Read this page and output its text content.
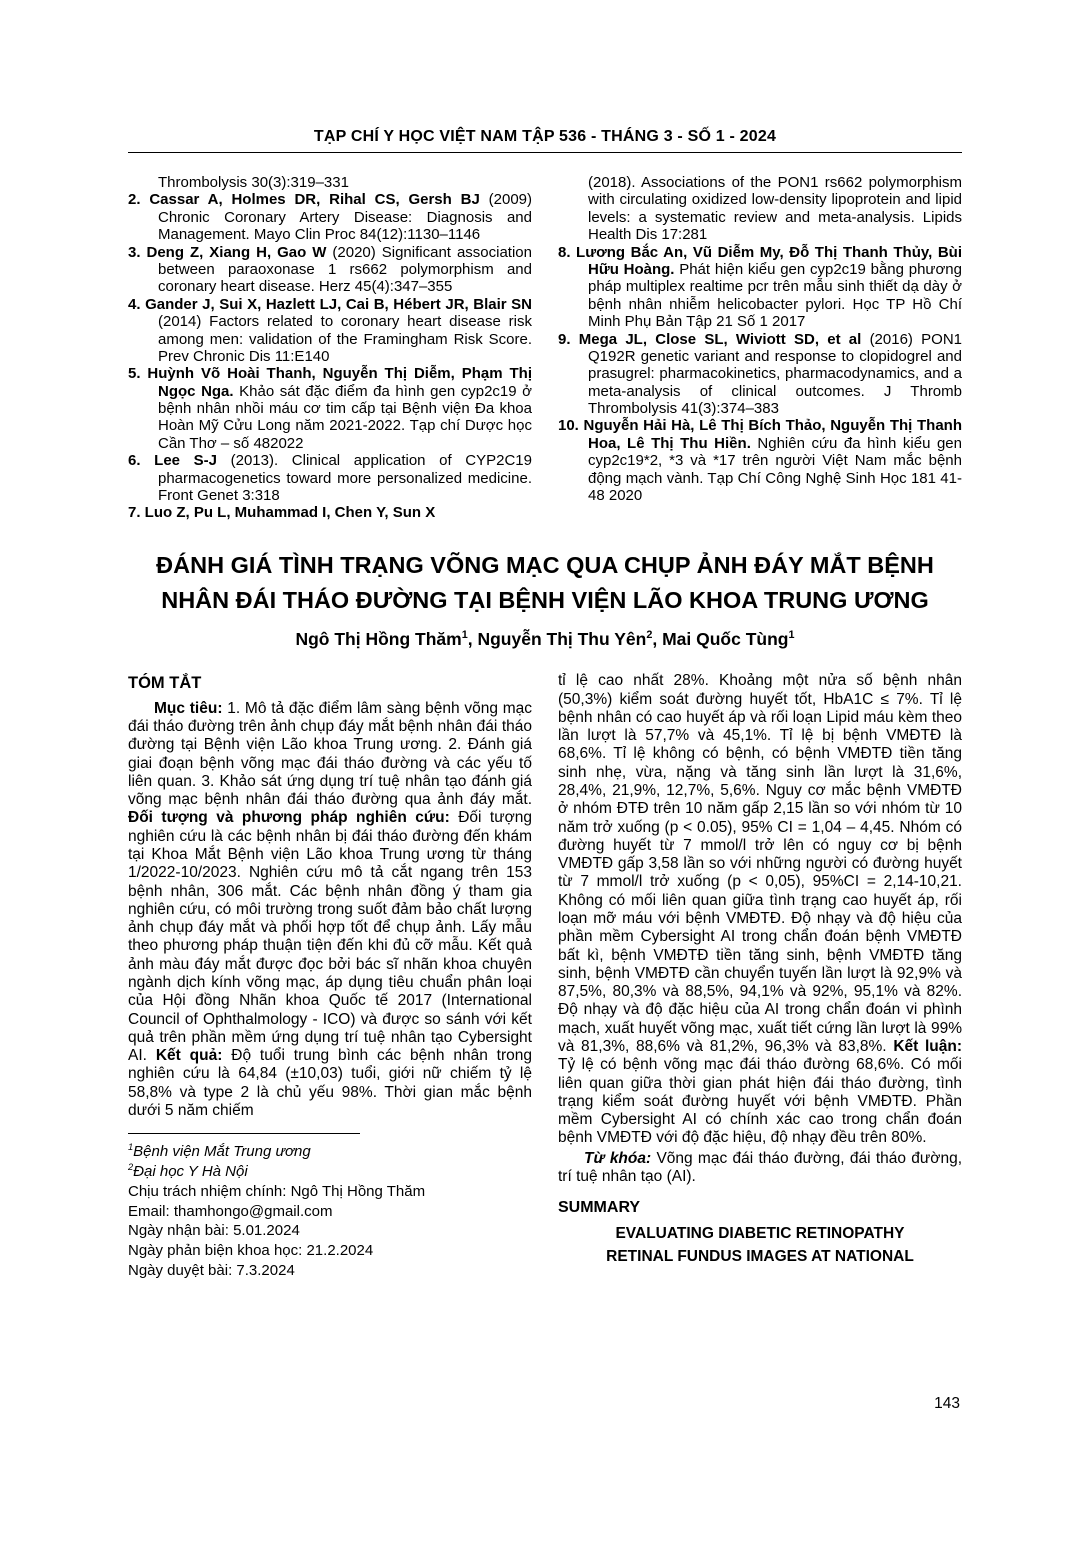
TẠP CHÍ Y HỌC VIỆT NAM TẬP 536 - THÁNG 3 - SỐ 1 - 2024

Thrombolysis 30(3):319–331

2. Cassar A, Holmes DR, Rihal CS, Gersh BJ (2009) Chronic Coronary Artery Disease: Diagnosis and Management. Mayo Clin Proc 84(12):1130–1146

3. Deng Z, Xiang H, Gao W (2020) Significant association between paraoxonase 1 rs662 polymorphism and coronary heart disease. Herz 45(4):347–355

4. Gander J, Sui X, Hazlett LJ, Cai B, Hébert JR, Blair SN (2014) Factors related to coronary heart disease risk among men: validation of the Framingham Risk Score. Prev Chronic Dis 11:E140

5. Huỳnh Võ Hoài Thanh, Nguyễn Thị Diễm, Phạm Thị Ngọc Nga. Khảo sát đặc điểm đa hình gen cyp2c19 ở bệnh nhân nhồi máu cơ tim cấp tại Bệnh viện Đa khoa Hoàn Mỹ Cửu Long năm 2021-2022. Tạp chí Dược học Cần Thơ – số 482022

6. Lee S-J (2013). Clinical application of CYP2C19 pharmacogenetics toward more personalized medicine. Front Genet 3:318

7. Luo Z, Pu L, Muhammad I, Chen Y, Sun X

(2018). Associations of the PON1 rs662 polymorphism with circulating oxidized low-density lipoprotein and lipid levels: a systematic review and meta-analysis. Lipids Health Dis 17:281

8. Lương Bắc An, Vũ Diễm My, Đỗ Thị Thanh Thủy, Bùi Hữu Hoàng. Phát hiện kiểu gen cyp2c19 bằng phương pháp multiplex realtime pcr trên mẫu sinh thiết dạ dày ở bệnh nhân nhiễm helicobacter pylori. Học TP Hồ Chí Minh Phụ Bản Tập 21 Số 1 2017

9. Mega JL, Close SL, Wiviott SD, et al (2016) PON1 Q192R genetic variant and response to clopidogrel and prasugrel: pharmacokinetics, pharmacodynamics, and a meta-analysis of clinical outcomes. J Thromb Thrombolysis 41(3):374–383

10. Nguyễn Hải Hà, Lê Thị Bích Thảo, Nguyễn Thị Thanh Hoa, Lê Thị Thu Hiền. Nghiên cứu đa hình kiểu gen cyp2c19*2, *3 và *17 trên người Việt Nam mắc bệnh động mạch vành. Tạp Chí Công Nghệ Sinh Học 181 41-48 2020

ĐÁNH GIÁ TÌNH TRẠNG VÕNG MẠC QUA CHỤP ẢNH ĐÁY MẮT BỆNH
NHÂN ĐÁI THÁO ĐƯỜNG TẠI BỆNH VIỆN LÃO KHOA TRUNG ƯƠNG
Ngô Thị Hồng Thăm$^1$, Nguyễn Thị Thu Yên$^2$, Mai Quốc Tùng$^1$
TÓM TẮT

Mục tiêu: 1. Mô tả đặc điểm lâm sàng bệnh võng mạc đái tháo đường trên ảnh chụp đáy mắt bệnh nhân đái tháo đường tại Bệnh viện Lão khoa Trung ương. 2. Đánh giá giai đoạn bệnh võng mạc đái tháo đường và các yếu tố liên quan. 3. Khảo sát ứng dụng trí tuệ nhân tạo đánh giá võng mạc bệnh nhân đái tháo đường qua ảnh đáy mắt. Đối tượng và phương pháp nghiên cứu: Đối tượng nghiên cứu là các bệnh nhân bị đái tháo đường đến khám tại Khoa Mắt Bệnh viện Lão khoa Trung ương từ tháng 1/2022-10/2023. Nghiên cứu mô tả cắt ngang trên 153 bệnh nhân, 306 mắt. Các bệnh nhân đồng ý tham gia nghiên cứu, có môi trường trong suốt đảm bảo chất lượng ảnh chụp đáy mắt và phối hợp tốt để chụp ảnh. Lấy mẫu theo phương pháp thuận tiện đến khi đủ cỡ mẫu. Kết quả ảnh màu đáy mắt được đọc bởi bác sĩ nhãn khoa chuyên ngành dịch kính võng mạc, áp dụng tiêu chuẩn phân loại của Hội đồng Nhãn khoa Quốc tế 2017 (International Council of Ophthalmology - ICO) và được so sánh với kết quả trên phần mềm ứng dụng trí tuệ nhân tạo Cybersight AI. Kết quả: Độ tuổi trung bình các bệnh nhân trong nghiên cứu là 64,84 (±10,03) tuổi, giới nữ chiếm tỷ lệ 58,8% và type 2 là chủ yếu 98%. Thời gian mắc bệnh dưới 5 năm chiếm

$^1$Bệnh viện Mắt Trung ương

$^2$Đại học Y Hà Nội

Chịu trách nhiệm chính: Ngô Thị Hồng Thăm

Email: thamhongo@gmail.com

Ngày nhận bài: 5.01.2024

Ngày phản biện khoa học: 21.2.2024

Ngày duyệt bài: 7.3.2024

tỉ lệ cao nhất 28%. Khoảng một nửa số bệnh nhân (50,3%) kiểm soát đường huyết tốt, HbA1C ≤ 7%. Tỉ lệ bệnh nhân có cao huyết áp và rối loạn Lipid máu kèm theo lần lượt là 57,7% và 45,1%. Tỉ lệ bị bệnh VMĐTĐ là 68,6%. Tỉ lệ không có bệnh, có bệnh VMĐTĐ tiền tăng sinh nhẹ, vừa, nặng và tăng sinh lần lượt là 31,6%, 28,4%, 21,9%, 12,7%, 5,6%. Nguy cơ mắc bệnh VMĐTĐ ở nhóm ĐTĐ trên 10 năm gấp 2,15 lần so với nhóm từ 10 năm trở xuống (p < 0.05), 95% CI = 1,04 – 4,45. Nhóm có đường huyết từ 7 mmol/l trở lên có nguy cơ bị bệnh VMĐTĐ gấp 3,58 lần so với những người có đường huyết từ 7 mmol/l trở xuống (p < 0,05), 95%CI = 2,14-10,21. Không có mối liên quan giữa tình trạng cao huyết áp, rối loạn mỡ máu với bệnh VMĐTĐ. Độ nhạy và độ hiệu của phần mềm Cybersight AI trong chẩn đoán bệnh VMĐTĐ bất kì, bệnh VMĐTĐ tiền tăng sinh, bệnh VMĐTĐ tăng sinh, bệnh VMĐTĐ cần chuyển tuyến lần lượt là 92,9% và 87,5%, 80,3% và 88,5%, 94,1% và 92%, 95,1% và 82%. Độ nhạy và độ đặc hiệu của AI trong chẩn đoán vi phình mạch, xuất huyết võng mạc, xuất tiết cứng lần lượt là 99% và 81,3%, 88,6% và 81,2%, 96,3% và 83,8%. Kết luận: Tỷ lệ có bệnh võng mạc đái tháo đường 68,6%. Có mối liên quan giữa thời gian phát hiện đái tháo đường, tình trạng kiểm soát đường huyết với bệnh VMĐTĐ. Phần mềm Cybersight AI có chính xác cao trong chẩn đoán bệnh VMĐTĐ với độ đặc hiệu, độ nhạy đều trên 80%.

Từ khóa: Võng mạc đái tháo đường, đái tháo đường, trí tuệ nhân tạo (AI).

SUMMARY
EVALUATING DIABETIC RETINOPATHY
RETINAL FUNDUS IMAGES AT NATIONAL
143
